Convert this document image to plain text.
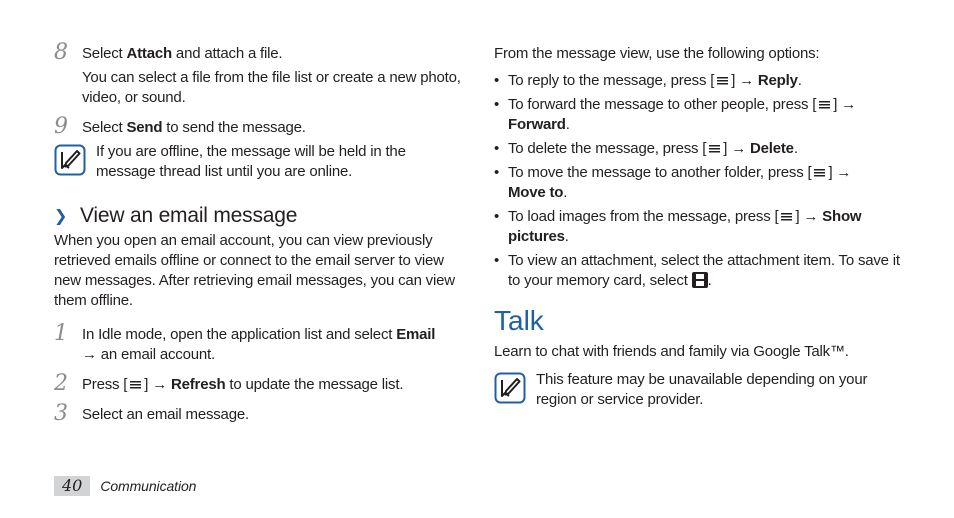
8 Select Attach and attach a file.

You can select a file from the file list or create a new photo, video, or sound.

9 Select Send to send the message.

If you are offline, the message will be held in the message thread list until you are online.

❯ View an email message

When you open an email account, you can view previously retrieved emails offline or connect to the email server to view new messages. After retrieving email messages, you can view them offline.

1 In Idle mode, open the application list and select Email
→ an email account.

2 Press [ ] → Refresh to update the message list.

3 Select an email message.

From the message view, use the following options:

• To reply to the message, press [ ] → Reply.
• To forward the message to other people, press [ ] →
Forward.
• To delete the message, press [ ] → Delete.
• To move the message to another folder, press [ ] →
Move to.
• To load images from the message, press [ ] → Show pictures.
• To view an attachment, select the attachment item. To save it to your memory card, select .
Talk

Learn to chat with friends and family via Google Talk™.

This feature may be unavailable depending on your region or service provider.

40	Communication
